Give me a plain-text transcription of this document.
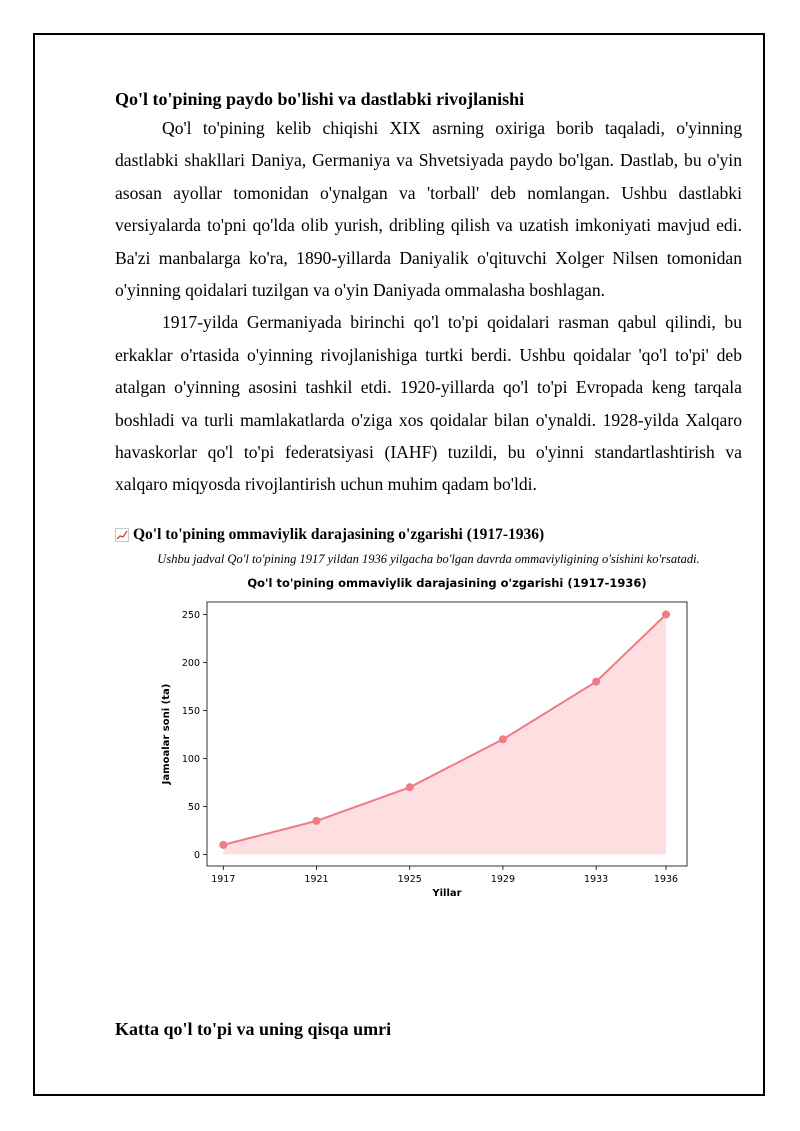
Qo'l to'pining paydo bo'lishi va dastlabki rivojlanishi

Qo'l to'pining kelib chiqishi XIX asrning oxiriga borib taqaladi, o'yinning dastlabki shakllari Daniya, Germaniya va Shvetsiyada paydo bo'lgan. Dastlab, bu o'yin asosan ayollar tomonidan o'ynalgan va 'torball' deb nomlangan. Ushbu dastlabki versiyalarda to'pni qo'lda olib yurish, dribling qilish va uzatish imkoniyati mavjud edi. Ba'zi manbalarga ko'ra, 1890-yillarda Daniyalik o'qituvchi Xolger Nilsen tomonidan o'yinning qoidalari tuzilgan va o'yin Daniyada ommalasha boshlagan.

1917-yilda Germaniyada birinchi qo'l to'pi qoidalari rasman qabul qilindi, bu erkaklar o'rtasida o'yinning rivojlanishiga turtki berdi. Ushbu qoidalar 'qo'l to'pi' deb atalgan o'yinning asosini tashkil etdi. 1920-yillarda qo'l to'pi Evropada keng tarqala boshladi va turli mamlakatlarda o'ziga xos qoidalar bilan o'ynaldi. 1928-yilda Xalqaro havaskorlar qo'l to'pi federatsiyasi (IAHF) tuzildi, bu o'yinni standartlashtirish va xalqaro miqyosda rivojlantirish uchun muhim qadam bo'ldi.

Qo'l to'pining ommaviylik darajasining o'zgarishi (1917-1936)
Ushbu jadval Qo'l to'pining 1917 yildan 1936 yilgacha bo'lgan davrda ommaviyligining o'sishini ko'rsatadi.
Qo'l to'pining ommaviylik darajasining o'zgarishi (1917-1936)
0
50
100
150
200
250
1917	1921	1925	1929	1933	1936
Yillar
Jamoalar soni (ta)
Katta qo'l to'pi va uning qisqa umri
